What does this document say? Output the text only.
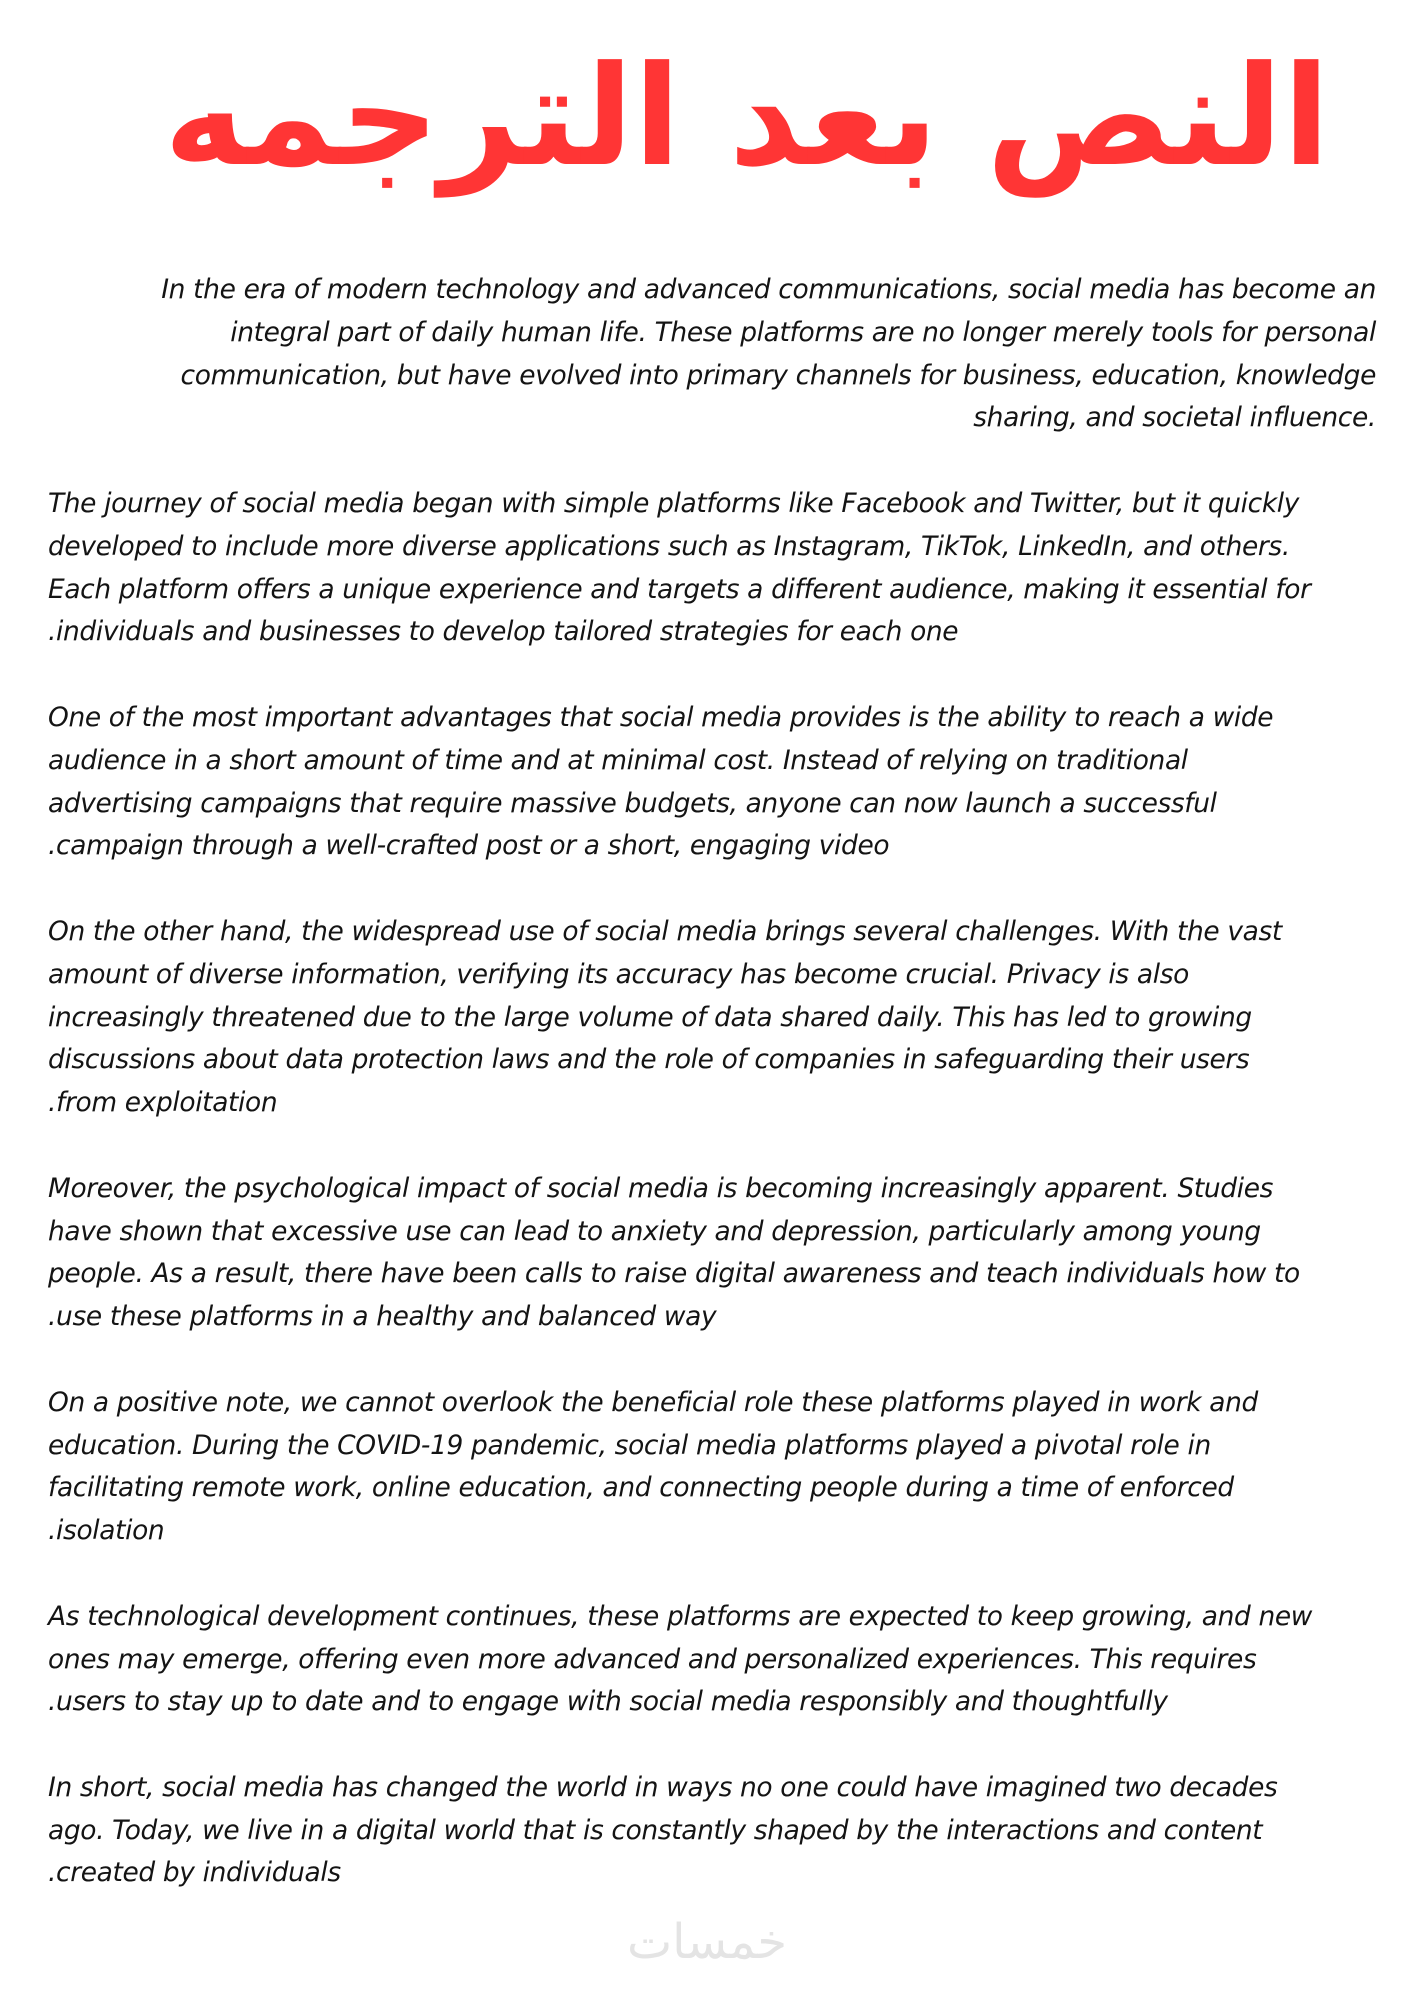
النص بعد الترجمه

In the era of modern technology and advanced communications, social media has become an
integral part of daily human life. These platforms are no longer merely tools for personal
communication, but have evolved into primary channels for business, education, knowledge
sharing, and societal influence.

The journey of social media began with simple platforms like Facebook and Twitter, but it quickly
developed to include more diverse applications such as Instagram, TikTok, LinkedIn, and others.
Each platform offers a unique experience and targets a different audience, making it essential for
.individuals and businesses to develop tailored strategies for each one

One of the most important advantages that social media provides is the ability to reach a wide
audience in a short amount of time and at minimal cost. Instead of relying on traditional
advertising campaigns that require massive budgets, anyone can now launch a successful
.campaign through a well-crafted post or a short, engaging video

On the other hand, the widespread use of social media brings several challenges. With the vast
amount of diverse information, verifying its accuracy has become crucial. Privacy is also
increasingly threatened due to the large volume of data shared daily. This has led to growing
discussions about data protection laws and the role of companies in safeguarding their users
.from exploitation

Moreover, the psychological impact of social media is becoming increasingly apparent. Studies
have shown that excessive use can lead to anxiety and depression, particularly among young
people. As a result, there have been calls to raise digital awareness and teach individuals how to
.use these platforms in a healthy and balanced way

On a positive note, we cannot overlook the beneficial role these platforms played in work and
education. During the COVID-19 pandemic, social media platforms played a pivotal role in
facilitating remote work, online education, and connecting people during a time of enforced
.isolation

As technological development continues, these platforms are expected to keep growing, and new
ones may emerge, offering even more advanced and personalized experiences. This requires
.users to stay up to date and to engage with social media responsibly and thoughtfully

In short, social media has changed the world in ways no one could have imagined two decades
ago. Today, we live in a digital world that is constantly shaped by the interactions and content
.created by individuals

خمسات
